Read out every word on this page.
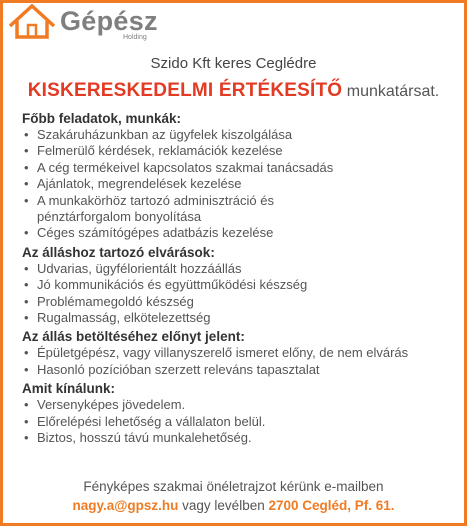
Gépész
Holding
Szido Kft keres Ceglédre
KISKERESKEDELMI ÉRTÉKESÍTŐ munkatársat.
Főbb feladatok, munkák:
• Szakáruházunkban az ügyfelek kiszolgálása
• Felmerülő kérdések, reklamációk kezelése
• A cég termékeivel kapcsolatos szakmai tanácsadás
• Ajánlatok, megrendelések kezelése
• A munkakörhöz tartozó adminisztráció és pénztárforgalom bonyolítása
• Céges számítógépes adatbázis kezelése
Az álláshoz tartozó elvárások:
• Udvarias, ügyfélorientált hozzáállás
• Jó kommunikációs és együttműködési készség
• Problémamegoldó készség
• Rugalmasság, elkötelezettség
Az állás betöltéséhez előnyt jelent:
• Épületgépész, vagy villanyszerelő ismeret előny, de nem elvárás
• Hasonló pozícióban szerzett releváns tapasztalat
Amit kínálunk:
• Versenyképes jövedelem.
• Előrelépési lehetőség a vállalaton belül.
• Biztos, hosszú távú munkalehetőség.
Fényképes szakmai önéletrajzot kérünk e-mailben
nagy.a@gpsz.hu vagy levélben 2700 Cegléd, Pf. 61.
